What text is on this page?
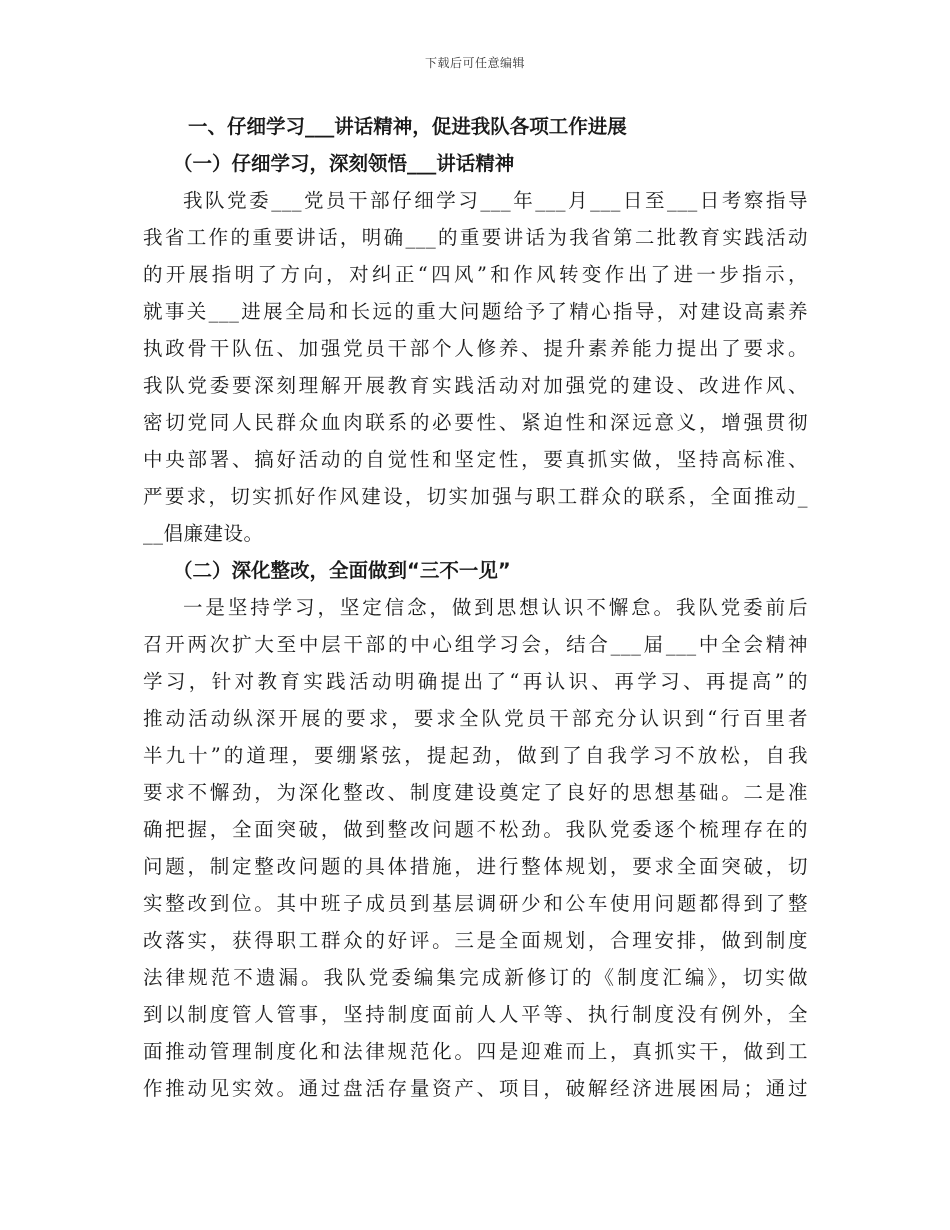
下载后可任意编辑
一、仔细学习___讲话精神，促进我队各项工作进展
（一）仔细学习，深刻领悟___讲话精神
我队党委___党员干部仔细学习___年___月___日至___日考察指导
我省工作的重要讲话，明确___的重要讲话为我省第二批教育实践活动
的开展指明了方向，对纠正“四风”和作风转变作出了进一步指示，
就事关___进展全局和长远的重大问题给予了精心指导，对建设高素养
执政骨干队伍、加强党员干部个人修养、提升素养能力提出了要求。
我队党委要深刻理解开展教育实践活动对加强党的建设、改进作风、
密切党同人民群众血肉联系的必要性、紧迫性和深远意义，增强贯彻
中央部署、搞好活动的自觉性和坚定性，要真抓实做，坚持高标准、
严要求，切实抓好作风建设，切实加强与职工群众的联系，全面推动_
__倡廉建设。
（二）深化整改，全面做到“三不一见”
一是坚持学习，坚定信念，做到思想认识不懈怠。我队党委前后
召开两次扩大至中层干部的中心组学习会，结合___届___中全会精神
学习，针对教育实践活动明确提出了“再认识、再学习、再提高”的
推动活动纵深开展的要求，要求全队党员干部充分认识到“行百里者
半九十”的道理，要绷紧弦，提起劲，做到了自我学习不放松，自我
要求不懈劲，为深化整改、制度建设奠定了良好的思想基础。二是准
确把握，全面突破，做到整改问题不松劲。我队党委逐个梳理存在的
问题，制定整改问题的具体措施，进行整体规划，要求全面突破，切
实整改到位。其中班子成员到基层调研少和公车使用问题都得到了整
改落实，获得职工群众的好评。三是全面规划，合理安排，做到制度
法律规范不遗漏。我队党委编集完成新修订的《制度汇编》，切实做
到以制度管人管事，坚持制度面前人人平等、执行制度没有例外，全
面推动管理制度化和法律规范化。四是迎难而上，真抓实干，做到工
作推动见实效。通过盘活存量资产、项目，破解经济进展困局；通过
